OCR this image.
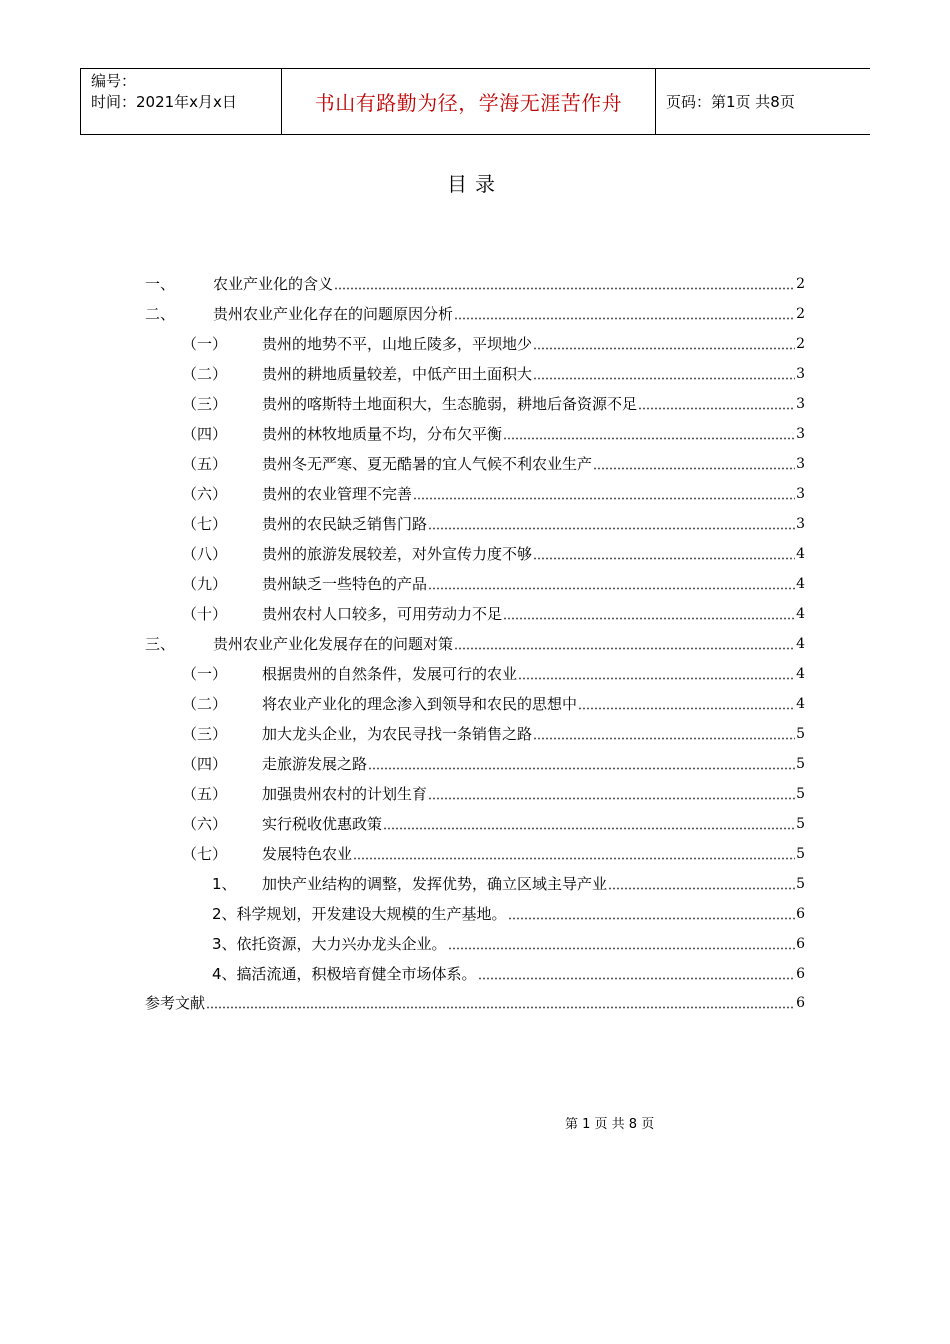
编号：
时间：2021年x月x日	书山有路勤为径，学海无涯苦作舟	页码：第1页 共8页
目录
一、	农业产业化的含义	2
二、	贵州农业产业化存在的问题原因分析	2
（一）	贵州的地势不平，山地丘陵多，平坝地少	2
（二）	贵州的耕地质量较差，中低产田土面积大	3
（三）	贵州的喀斯特土地面积大，生态脆弱，耕地后备资源不足	3
（四）	贵州的林牧地质量不均，分布欠平衡	3
（五）	贵州冬无严寒、夏无酷暑的宜人气候不利农业生产	3
（六）	贵州的农业管理不完善	3
（七）	贵州的农民缺乏销售门路	3
（八）	贵州的旅游发展较差，对外宣传力度不够	4
（九）	贵州缺乏一些特色的产品	4
（十）	贵州农村人口较多，可用劳动力不足	4
三、	贵州农业产业化发展存在的问题对策	4
（一）	根据贵州的自然条件，发展可行的农业	4
（二）	将农业产业化的理念渗入到领导和农民的思想中	4
（三）	加大龙头企业，为农民寻找一条销售之路	5
（四）	走旅游发展之路	5
（五）	加强贵州农村的计划生育	5
（六）	实行税收优惠政策	5
（七）	发展特色农业	5
1、	加快产业结构的调整，发挥优势，确立区域主导产业	5
2、科学规划，开发建设大规模的生产基地。	6
3、依托资源，大力兴办龙头企业。	6
4、搞活流通，积极培育健全市场体系。	6
参考文献	6
第 1 页 共 8 页
